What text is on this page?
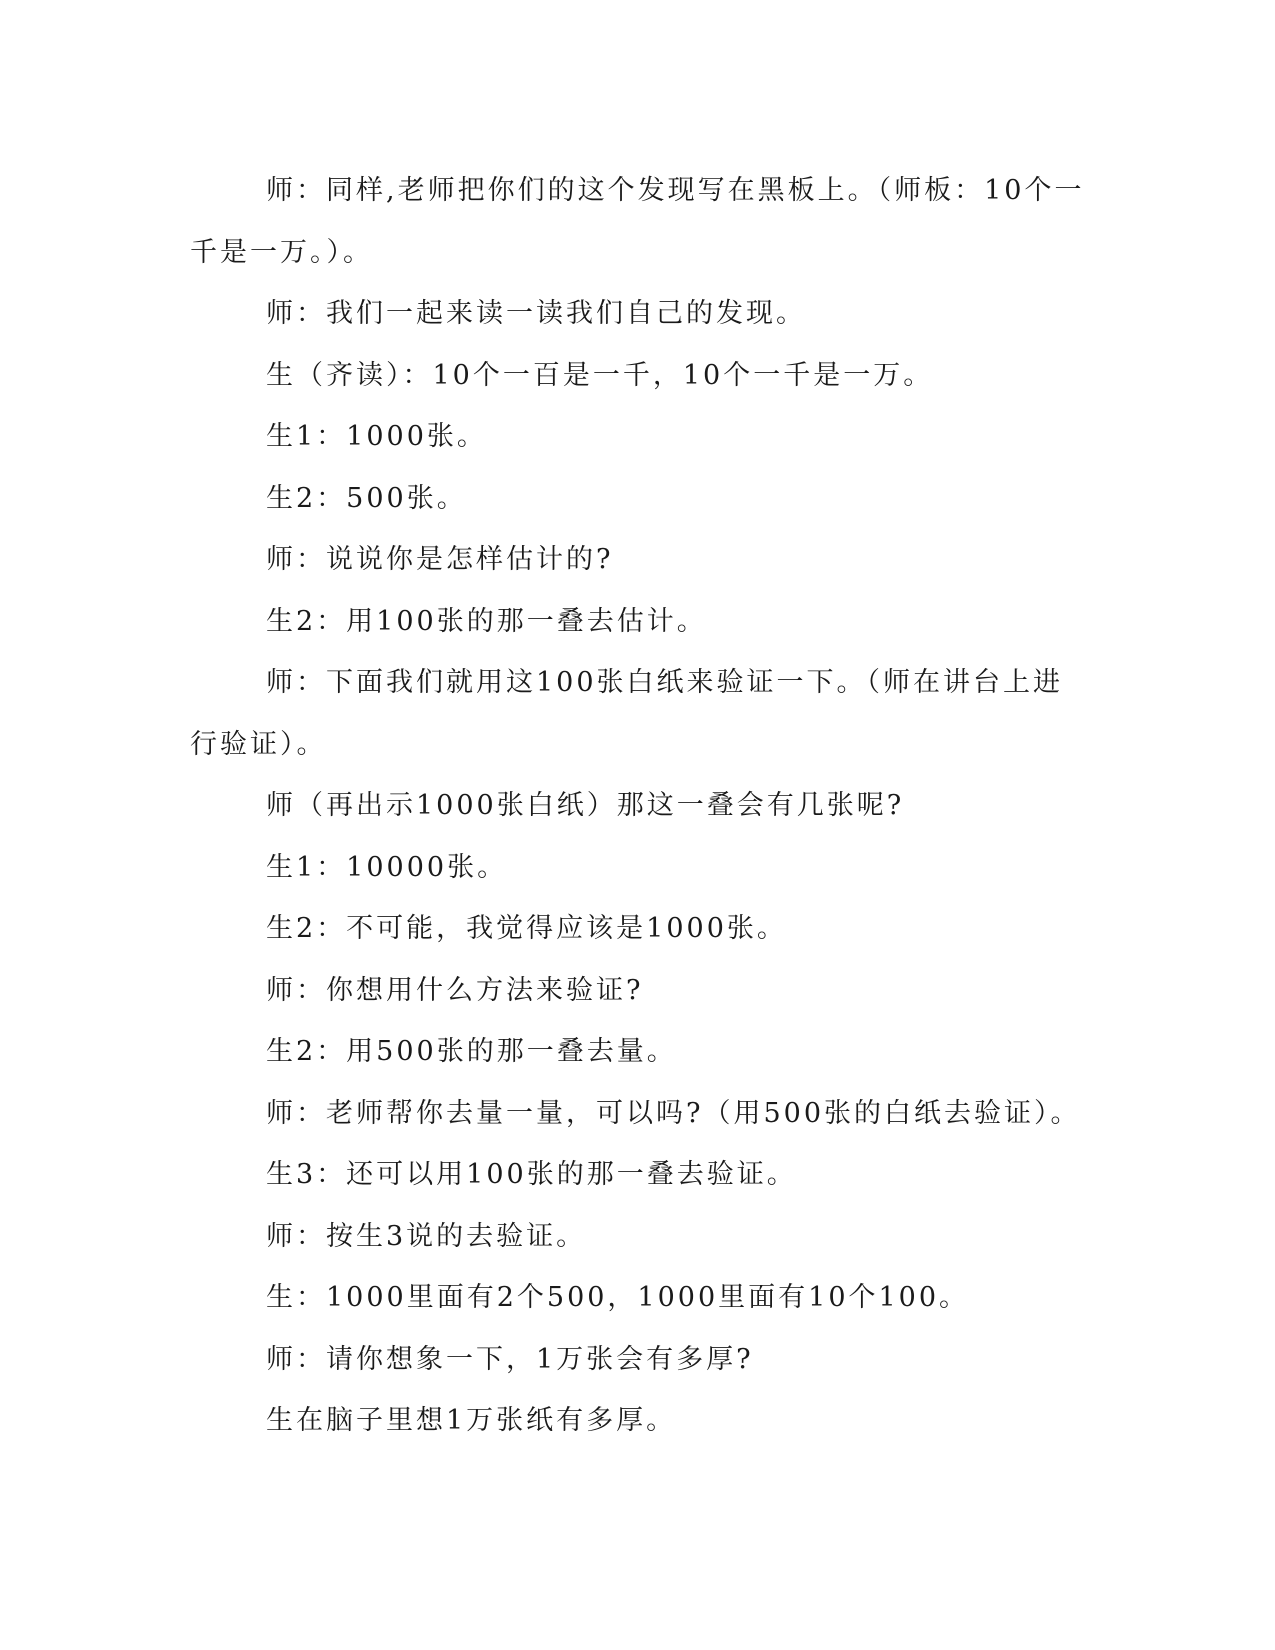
师：同样,老师把你们的这个发现写在黑板上。（师板：10个一千是一万。）。

师：我们一起来读一读我们自己的发现。

生（齐读）：10个一百是一千，10个一千是一万。

生1：1000张。

生2：500张。

师：说说你是怎样估计的?

生2：用100张的那一叠去估计。

师：下面我们就用这100张白纸来验证一下。（师在讲台上进行验证）。

师（再出示1000张白纸）那这一叠会有几张呢?

生1：10000张。

生2：不可能，我觉得应该是1000张。

师：你想用什么方法来验证?

生2：用500张的那一叠去量。

师：老师帮你去量一量，可以吗?（用500张的白纸去验证）。

生3：还可以用100张的那一叠去验证。

师：按生3说的去验证。

生：1000里面有2个500，1000里面有10个100。

师：请你想象一下，1万张会有多厚?

生在脑子里想1万张纸有多厚。
